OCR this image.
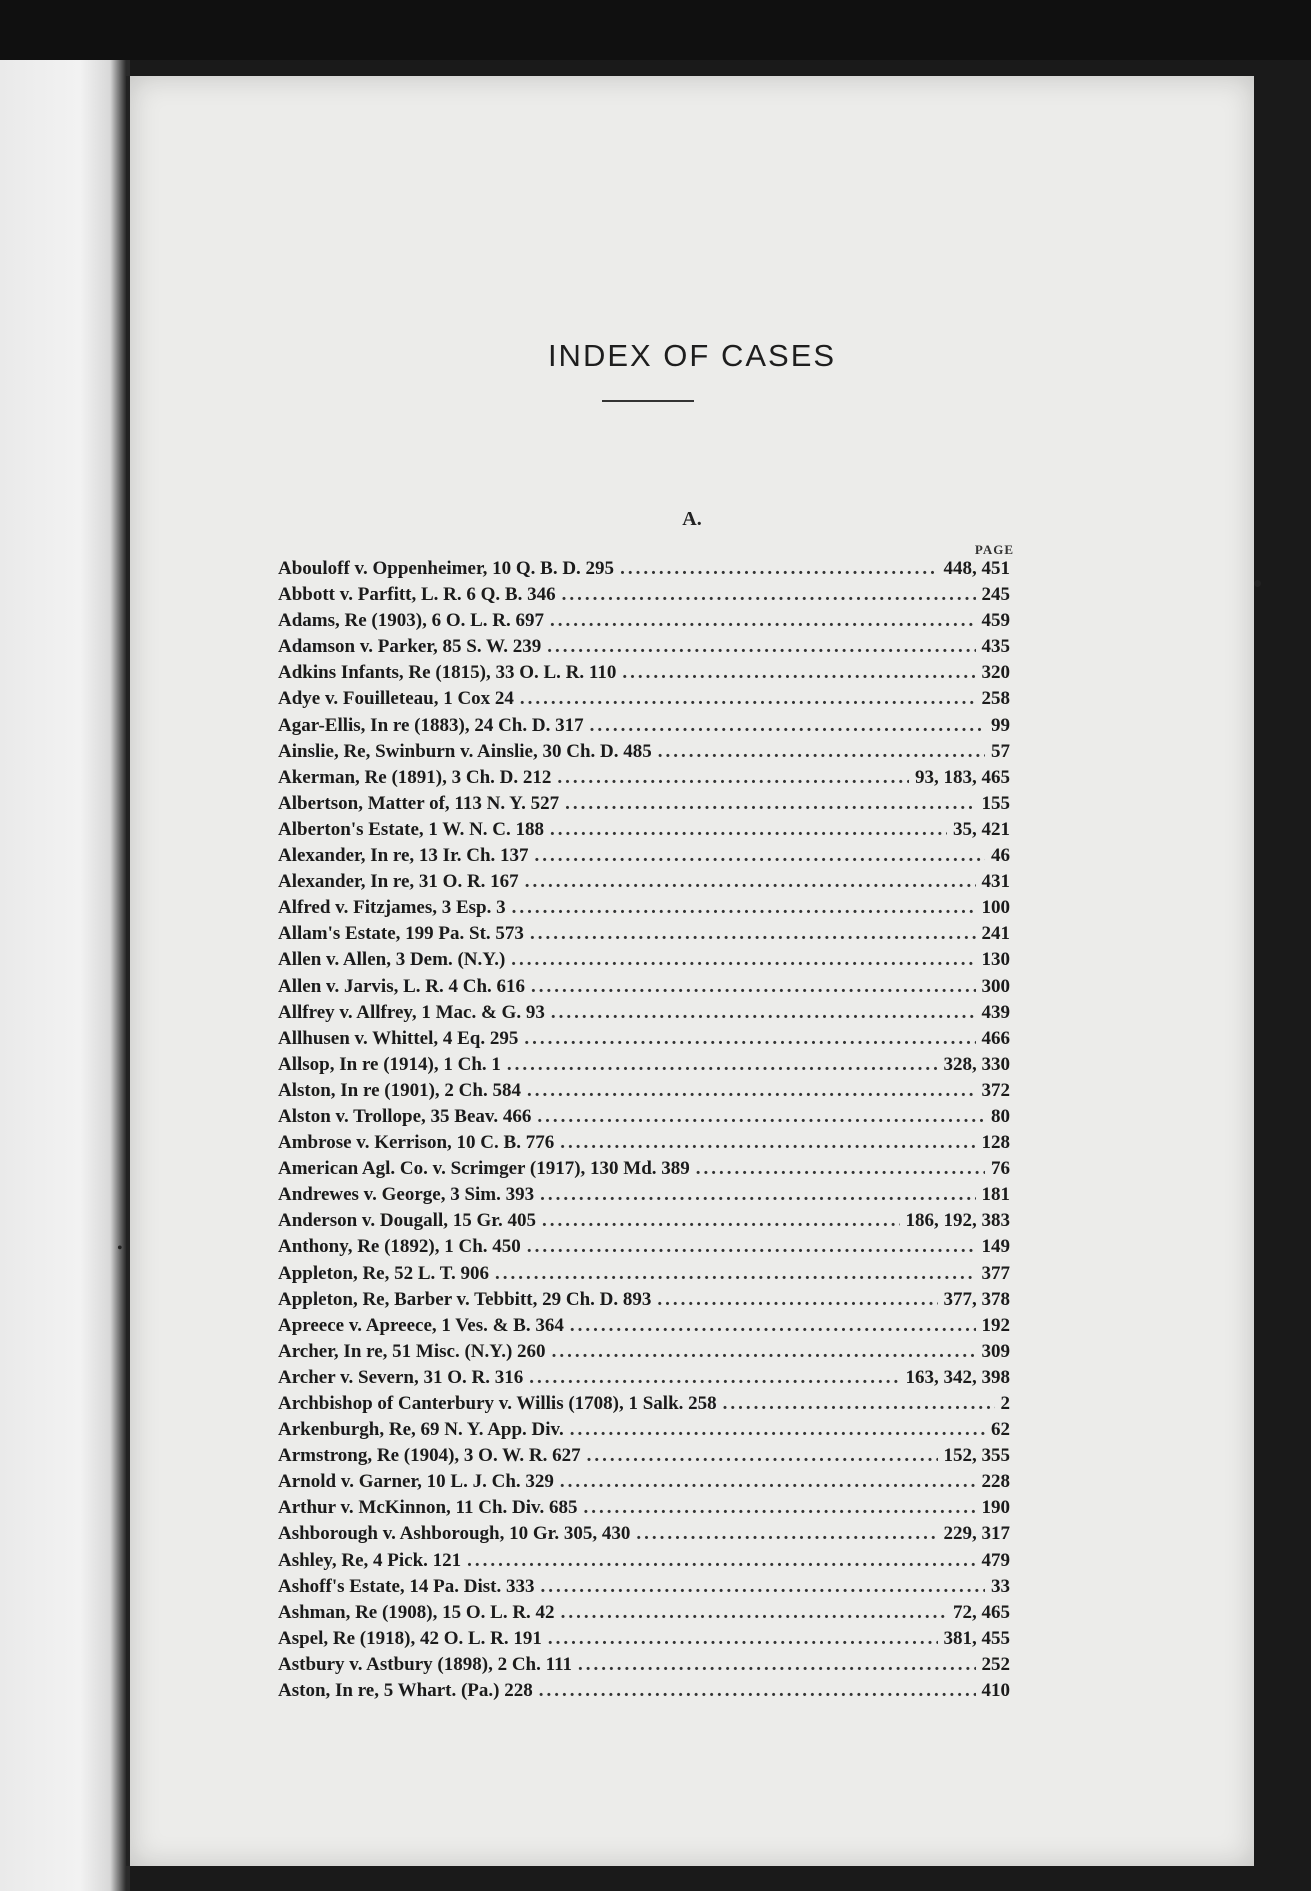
INDEX OF CASES
A.
PAGE
Abouloff v. Oppenheimer, 10 Q. B. D. 295 .....	448, 451
Abbott v. Parfitt, L. R. 6 Q. B. 346 .....	245
Adams, Re (1903), 6 O. L. R. 697 .....	459
Adamson v. Parker, 85 S. W. 239 .....	435
Adkins Infants, Re (1815), 33 O. L. R. 110 .....	320
Adye v. Fouilleteau, 1 Cox 24 .....	258
Agar-Ellis, In re (1883), 24 Ch. D. 317 .....	99
Ainslie, Re, Swinburn v. Ainslie, 30 Ch. D. 485 .....	57
Akerman, Re (1891), 3 Ch. D. 212 .....	93, 183, 465
Albertson, Matter of, 113 N. Y. 527 .....	155
Alberton's Estate, 1 W. N. C. 188 .....	35, 421
Alexander, In re, 13 Ir. Ch. 137 .....	46
Alexander, In re, 31 O. R. 167 .....	431
Alfred v. Fitzjames, 3 Esp. 3 .....	100
Allam's Estate, 199 Pa. St. 573 .....	241
Allen v. Allen, 3 Dem. (N.Y.) .....	130
Allen v. Jarvis, L. R. 4 Ch. 616 .....	300
Allfrey v. Allfrey, 1 Mac. & G. 93 .....	439
Allhusen v. Whittel, 4 Eq. 295 .....	466
Allsop, In re (1914), 1 Ch. 1 .....	328, 330
Alston, In re (1901), 2 Ch. 584 .....	372
Alston v. Trollope, 35 Beav. 466 .....	80
Ambrose v. Kerrison, 10 C. B. 776 .....	128
American Agl. Co. v. Scrimger (1917), 130 Md. 389 .....	76
Andrewes v. George, 3 Sim. 393 .....	181
Anderson v. Dougall, 15 Gr. 405 .....	186, 192, 383
Anthony, Re (1892), 1 Ch. 450 .....	149
Appleton, Re, 52 L. T. 906 .....	377
Appleton, Re, Barber v. Tebbitt, 29 Ch. D. 893 .....	377, 378
Apreece v. Apreece, 1 Ves. & B. 364 .....	192
Archer, In re, 51 Misc. (N.Y.) 260 .....	309
Archer v. Severn, 31 O. R. 316 .....	163, 342, 398
Archbishop of Canterbury v. Willis (1708), 1 Salk. 258 .....	2
Arkenburgh, Re, 69 N. Y. App. Div. .....	62
Armstrong, Re (1904), 3 O. W. R. 627 .....	152, 355
Arnold v. Garner, 10 L. J. Ch. 329 .....	228
Arthur v. McKinnon, 11 Ch. Div. 685 .....	190
Ashborough v. Ashborough, 10 Gr. 305, 430 .....	229, 317
Ashley, Re, 4 Pick. 121 .....	479
Ashoff's Estate, 14 Pa. Dist. 333 .....	33
Ashman, Re (1908), 15 O. L. R. 42 .....	72, 465
Aspel, Re (1918), 42 O. L. R. 191 .....	381, 455
Astbury v. Astbury (1898), 2 Ch. 111 .....	252
Aston, In re, 5 Whart. (Pa.) 228 .....	410
•
